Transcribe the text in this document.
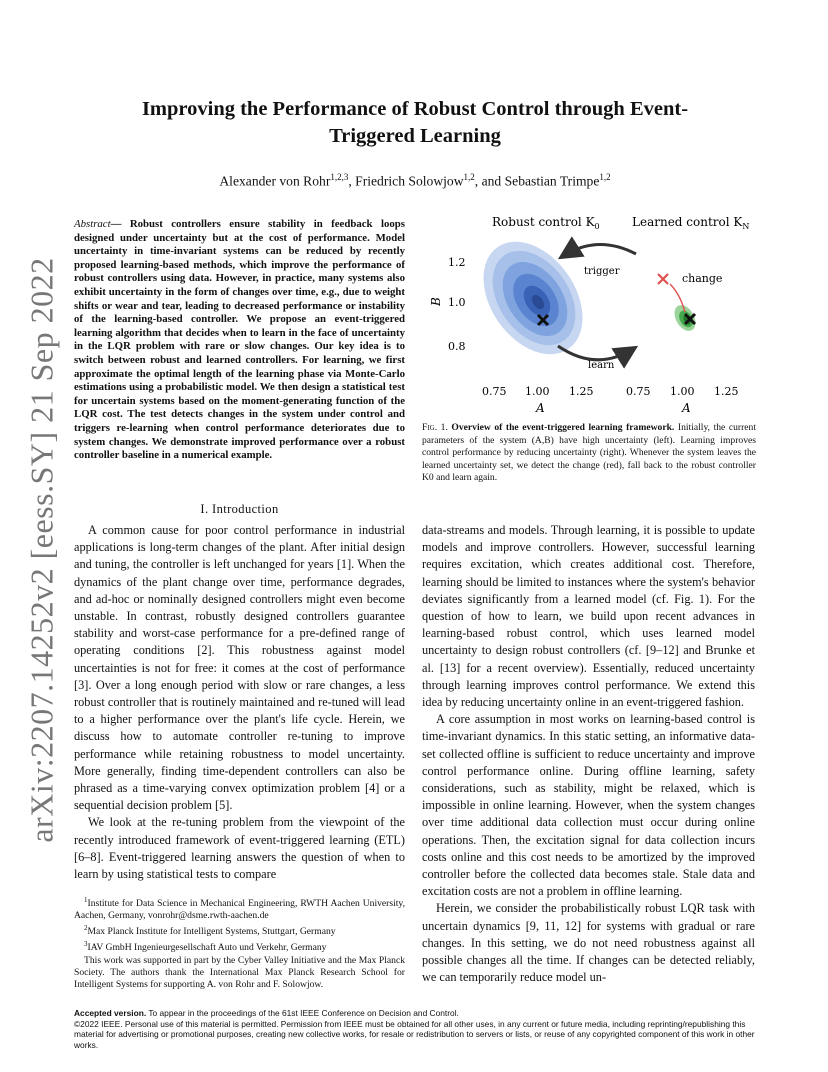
arXiv:2207.14252v2 [eess.SY] 21 Sep 2022
Improving the Performance of Robust Control through Event-Triggered Learning
Alexander von Rohr$^{1,2,3}$, Friedrich Solowjow$^{1,2}$, and Sebastian Trimpe$^{1,2}$
Abstract— Robust controllers ensure stability in feedback loops designed under uncertainty but at the cost of performance. Model uncertainty in time-invariant systems can be reduced by recently proposed learning-based methods, which improve the performance of robust controllers using data. However, in practice, many systems also exhibit uncertainty in the form of changes over time, e.g., due to weight shifts or wear and tear, leading to decreased performance or instability of the learning-based controller. We propose an event-triggered learning algorithm that decides when to learn in the face of uncertainty in the LQR problem with rare or slow changes. Our key idea is to switch between robust and learned controllers. For learning, we first approximate the optimal length of the learning phase via Monte-Carlo estimations using a probabilistic model. We then design a statistical test for uncertain systems based on the moment-generating function of the LQR cost. The test detects changes in the system under control and triggers re-learning when control performance deteriorates due to system changes. We demonstrate improved performance over a robust controller baseline in a numerical example.
I. Introduction

A common cause for poor control performance in industrial applications is long-term changes of the plant. After initial design and tuning, the controller is left unchanged for years [1]. When the dynamics of the plant change over time, performance degrades, and ad-hoc or nominally designed controllers might even become unstable. In contrast, robustly designed controllers guarantee stability and worst-case performance for a pre-defined range of operating conditions [2]. This robustness against model uncertainties is not for free: it comes at the cost of performance [3]. Over a long enough period with slow or rare changes, a less robust controller that is routinely maintained and re-tuned will lead to a higher performance over the plant's life cycle. Herein, we discuss how to automate controller re-tuning to improve performance while retaining robustness to model uncertainty. More generally, finding time-dependent controllers can also be phrased as a time-varying convex optimization problem [4] or a sequential decision problem [5].

We look at the re-tuning problem from the viewpoint of the recently introduced framework of event-triggered learning (ETL) [6–8]. Event-triggered learning answers the question of when to learn by using statistical tests to compare

$^1$Institute for Data Science in Mechanical Engineering, RWTH Aachen University, Aachen, Germany, vonrohr@dsme.rwth-aachen.de

$^2$Max Planck Institute for Intelligent Systems, Stuttgart, Germany

$^3$IAV GmbH Ingenieurgesellschaft Auto und Verkehr, Germany

This work was supported in part by the Cyber Valley Initiative and the Max Planck Society. The authors thank the International Max Planck Research School for Intelligent Systems for supporting A. von Rohr and F. Solowjow.

Robust control $K_0$	Learned control $K_N$
B
1.2
1.0
0.8
trigger
learn
change
0.75 1.00 1.25	0.75 1.00 1.25
A	A
Fig. 1. Overview of the event-triggered learning framework. Initially, the current parameters of the system (A,B) have high uncertainty (left). Learning improves control performance by reducing uncertainty (right). Whenever the system leaves the learned uncertainty set, we detect the change (red), fall back to the robust controller K0 and learn again.

data-streams and models. Through learning, it is possible to update models and improve controllers. However, successful learning requires excitation, which creates additional cost. Therefore, learning should be limited to instances where the system's behavior deviates significantly from a learned model (cf. Fig. 1). For the question of how to learn, we build upon recent advances in learning-based robust control, which uses learned model uncertainty to design robust controllers (cf. [9–12] and Brunke et al. [13] for a recent overview). Essentially, reduced uncertainty through learning improves control performance. We extend this idea by reducing uncertainty online in an event-triggered fashion.

A core assumption in most works on learning-based control is time-invariant dynamics. In this static setting, an informative data-set collected offline is sufficient to reduce uncertainty and improve control performance online. During offline learning, safety considerations, such as stability, might be relaxed, which is impossible in online learning. However, when the system changes over time additional data collection must occur during online operations. Then, the excitation signal for data collection incurs costs online and this cost needs to be amortized by the improved controller before the collected data becomes stale. Stale data and excitation costs are not a problem in offline learning.

Herein, we consider the probabilistically robust LQR task with uncertain dynamics [9, 11, 12] for systems with gradual or rare changes. In this setting, we do not need robustness against all possible changes all the time. If changes can be detected reliably, we can temporarily reduce model un-

Accepted version. To appear in the proceedings of the 61st IEEE Conference on Decision and Control.

©2022 IEEE. Personal use of this material is permitted. Permission from IEEE must be obtained for all other uses, in any current or future media, including reprinting/republishing this material for advertising or promotional purposes, creating new collective works, for resale or redistribution to servers or lists, or reuse of any copyrighted component of this work in other works.
